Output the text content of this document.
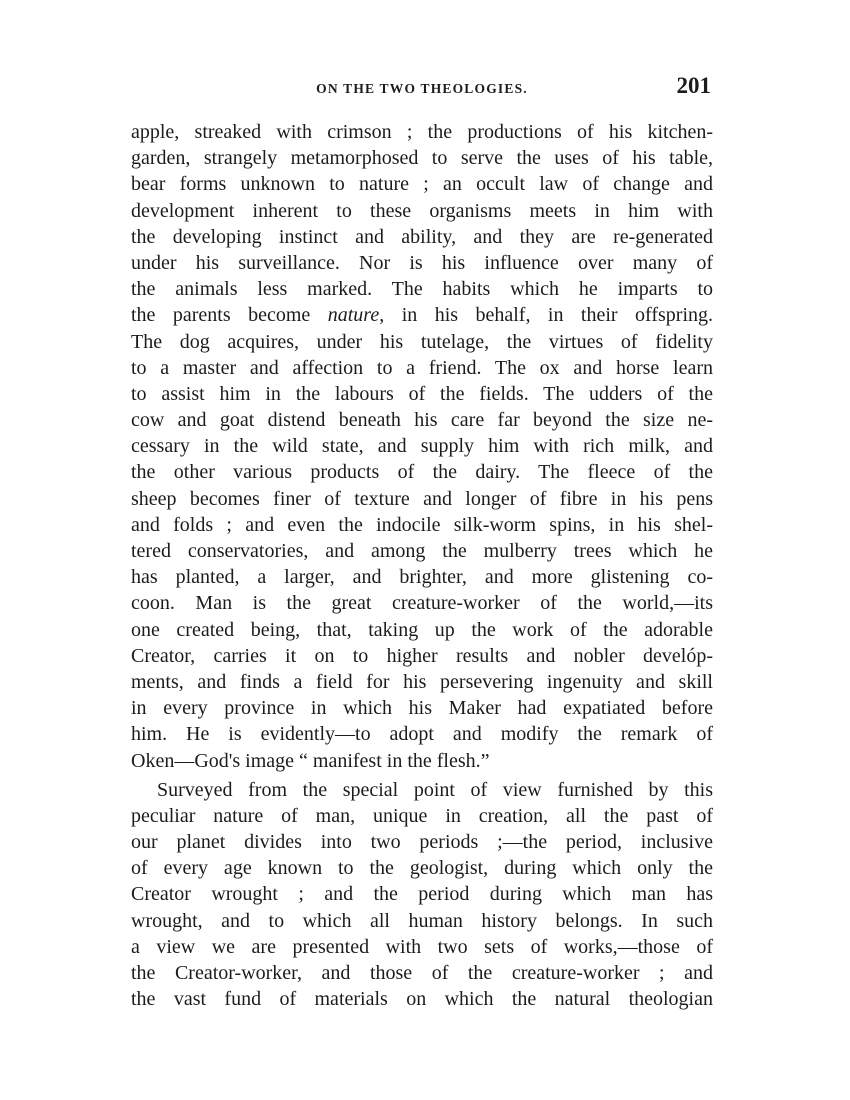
ON THE TWO THEOLOGIES.	201
apple, streaked with crimson ; the productions of his kitchen-
garden, strangely metamorphosed to serve the uses of his table,
bear forms unknown to nature ; an occult law of change and
development inherent to these organisms meets in him with
the developing instinct and ability, and they are re-generated
under his surveillance. Nor is his influence over many of
the animals less marked. The habits which he imparts to
the parents become nature, in his behalf, in their offspring.
The dog acquires, under his tutelage, the virtues of fidelity
to a master and affection to a friend. The ox and horse learn
to assist him in the labours of the fields. The udders of the
cow and goat distend beneath his care far beyond the size ne-
cessary in the wild state, and supply him with rich milk, and
the other various products of the dairy. The fleece of the
sheep becomes finer of texture and longer of fibre in his pens
and folds ; and even the indocile silk-worm spins, in his shel-
tered conservatories, and among the mulberry trees which he
has planted, a larger, and brighter, and more glistening co-
coon. Man is the great creature-worker of the world,—its
one created being, that, taking up the work of the adorable
Creator, carries it on to higher results and nobler develóp-
ments, and finds a field for his persevering ingenuity and skill
in every province in which his Maker had expatiated before
him. He is evidently—to adopt and modify the remark of
Oken—God's image “ manifest in the flesh.”
Surveyed from the special point of view furnished by this
peculiar nature of man, unique in creation, all the past of
our planet divides into two periods ;—the period, inclusive
of every age known to the geologist, during which only the
Creator wrought ; and the period during which man has
wrought, and to which all human history belongs. In such
a view we are presented with two sets of works,—those of
the Creator-worker, and those of the creature-worker ; and
the vast fund of materials on which the natural theologian
